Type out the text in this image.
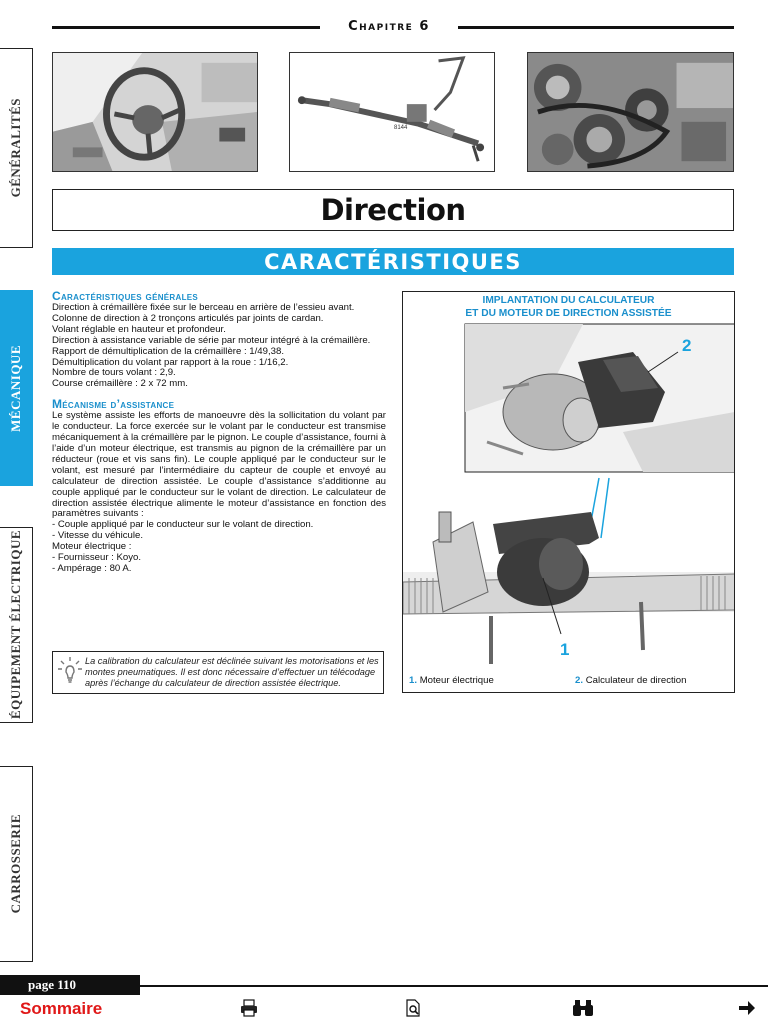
Chapitre 6
GÉNÉRALITÉS
MÉCANIQUE
ÉQUIPEMENT ÉLECTRIQUE
CARROSSERIE
8144
Direction
CARACTÉRISTIQUES
Caractéristiques générales
Direction à crémaillère fixée sur le berceau en arrière de l’essieu avant.
Colonne de direction à 2 tronçons articulés par joints de cardan.
Volant réglable en hauteur et profondeur.
Direction à assistance variable de série par moteur intégré à la crémaillère.
Rapport de démultiplication de la crémaillère : 1/49,38.
Démultiplication du volant par rapport à la roue : 1/16,2.
Nombre de tours volant : 2,9.
Course crémaillère : 2 x 72 mm.
Mécanisme d’assistance
Le système assiste les efforts de manoeuvre dès la sollicitation du volant par le conducteur. La force exercée sur le volant par le conducteur est transmise mécaniquement à la crémaillère par le pignon. Le couple d’assistance, fourni à l’aide d’un moteur électrique, est transmis au pignon de la crémaillère par un réducteur (roue et vis sans fin). Le couple appliqué par le conducteur sur le volant, est mesuré par l’intermédiaire du capteur de couple et envoyé au calculateur de direction assistée. Le couple d’assistance s’additionne au couple appliqué par le conducteur sur le volant de direction. Le calculateur de direction assistée électrique alimente le moteur d’assistance en fonction des paramètres suivants :
- Couple appliqué par le conducteur sur le volant de direction.
- Vitesse du véhicule.
Moteur électrique :
- Fournisseur : Koyo.
- Ampérage : 80 A.

La calibration du calculateur est déclinée suivant les motorisations et les montes pneumatiques. Il est donc nécessaire d’effectuer un télécodage après l’échange du calculateur de direction assistée électrique.

IMPLANTATION DU CALCULATEUR
ET DU MOTEUR DE DIRECTION ASSISTÉE
2
1
1. Moteur électrique	2. Calculateur de direction
page 110
Sommaire
